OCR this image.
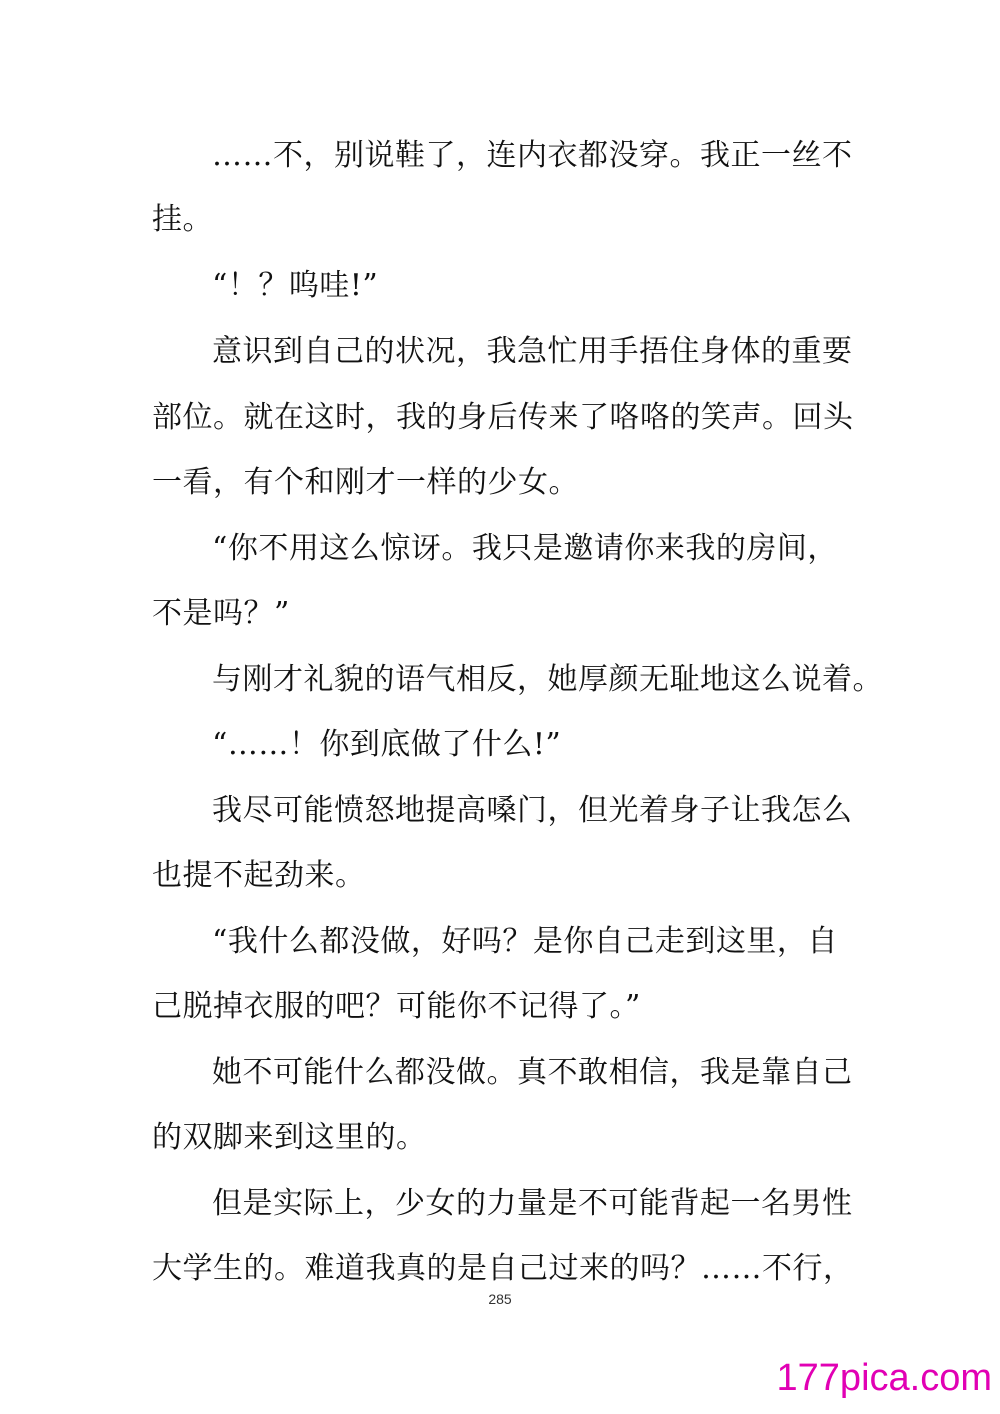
……不，别说鞋了，连内衣都没穿。我正一丝不
挂。
“！？呜哇!”
意识到自己的状况，我急忙用手捂住身体的重要
部位。就在这时，我的身后传来了咯咯的笑声。回头
一看，有个和刚才一样的少女。
“你不用这么惊讶。我只是邀请你来我的房间，
不是吗？”
与刚才礼貌的语气相反，她厚颜无耻地这么说着。
“……！你到底做了什么!”
我尽可能愤怒地提高嗓门，但光着身子让我怎么
也提不起劲来。
“我什么都没做，好吗？是你自己走到这里，自
己脱掉衣服的吧？可能你不记得了。”
她不可能什么都没做。真不敢相信，我是靠自己
的双脚来到这里的。
但是实际上，少女的力量是不可能背起一名男性
大学生的。难道我真的是自己过来的吗？……不行，
285
177pica.com
